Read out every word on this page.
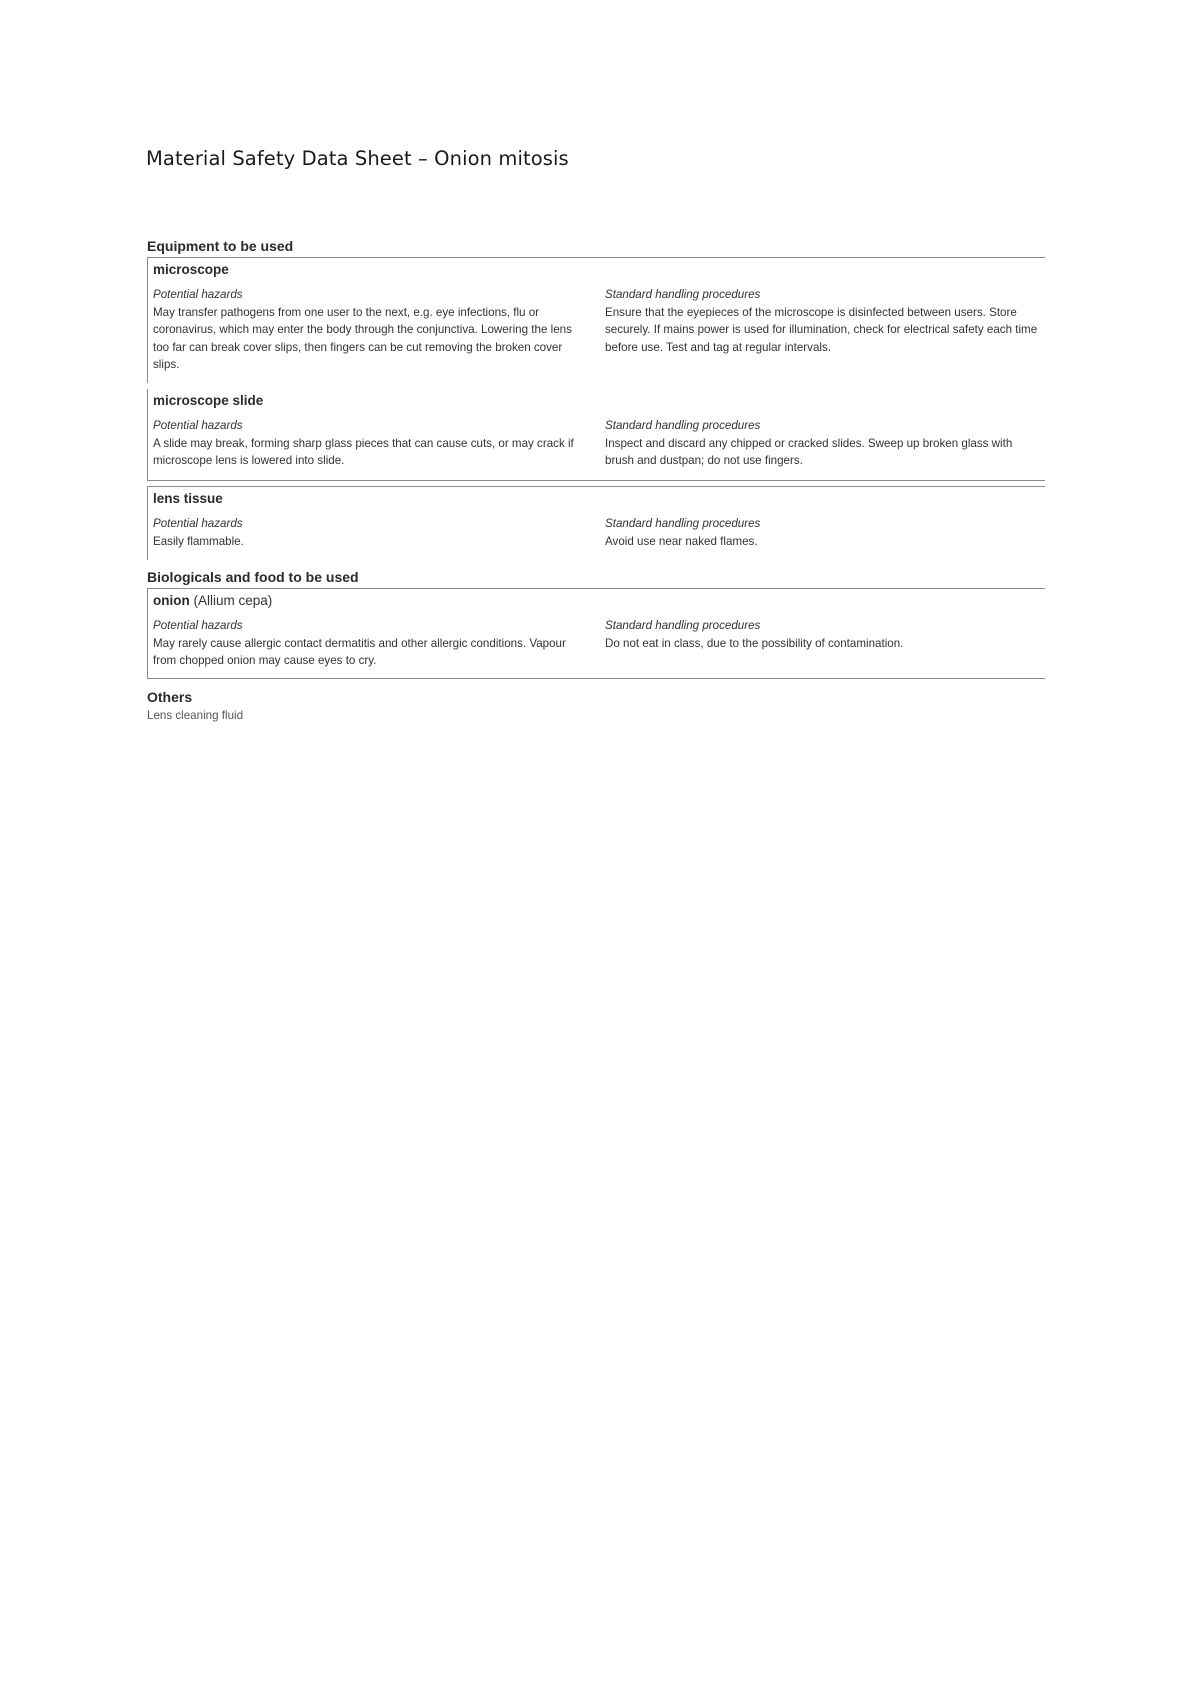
Material Safety Data Sheet – Onion mitosis
Equipment to be used
microscope
Potential hazards
May transfer pathogens from one user to the next, e.g. eye infections, flu or coronavirus, which may enter the body through the conjunctiva. Lowering the lens too far can break cover slips, then fingers can be cut removing the broken cover slips.
Standard handling procedures
Ensure that the eyepieces of the microscope is disinfected between users. Store securely. If mains power is used for illumination, check for electrical safety each time before use. Test and tag at regular intervals.
microscope slide
Potential hazards
A slide may break, forming sharp glass pieces that can cause cuts, or may crack if microscope lens is lowered into slide.
Standard handling procedures
Inspect and discard any chipped or cracked slides. Sweep up broken glass with brush and dustpan; do not use fingers.
lens tissue
Potential hazards
Easily flammable.
Standard handling procedures
Avoid use near naked flames.
Biologicals and food to be used
onion (Allium cepa)
Potential hazards
May rarely cause allergic contact dermatitis and other allergic conditions. Vapour from chopped onion may cause eyes to cry.
Standard handling procedures
Do not eat in class, due to the possibility of contamination.
Others
Lens cleaning fluid
